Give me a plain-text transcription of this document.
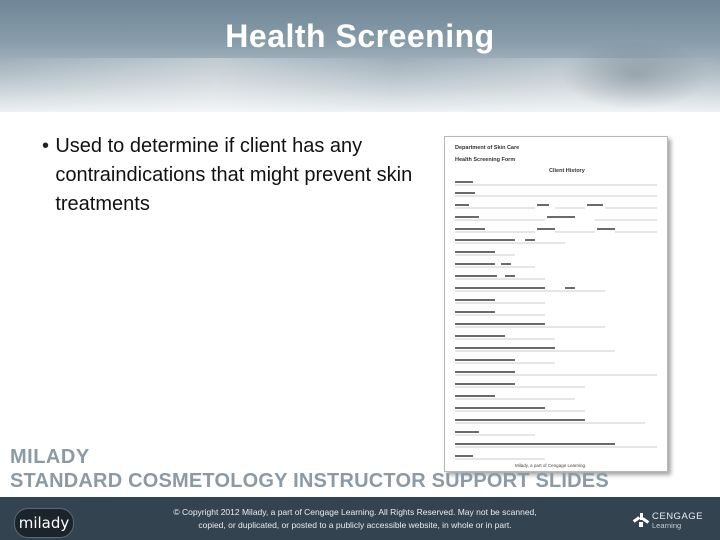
Health Screening
• Used to determine if client has any contraindications that might prevent skin treatments
Department of Skin Care
Health Screening Form
Client History
Milady, a part of Cengage Learning.
MILADY
STANDARD COSMETOLOGY INSTRUCTOR SUPPORT SLIDES
milady
© Copyright 2012 Milady, a part of Cengage Learning. All Rights Reserved. May not be scanned,
copied, or duplicated, or posted to a publicly accessible website, in whole or in part.
CENGAGE
Learning
